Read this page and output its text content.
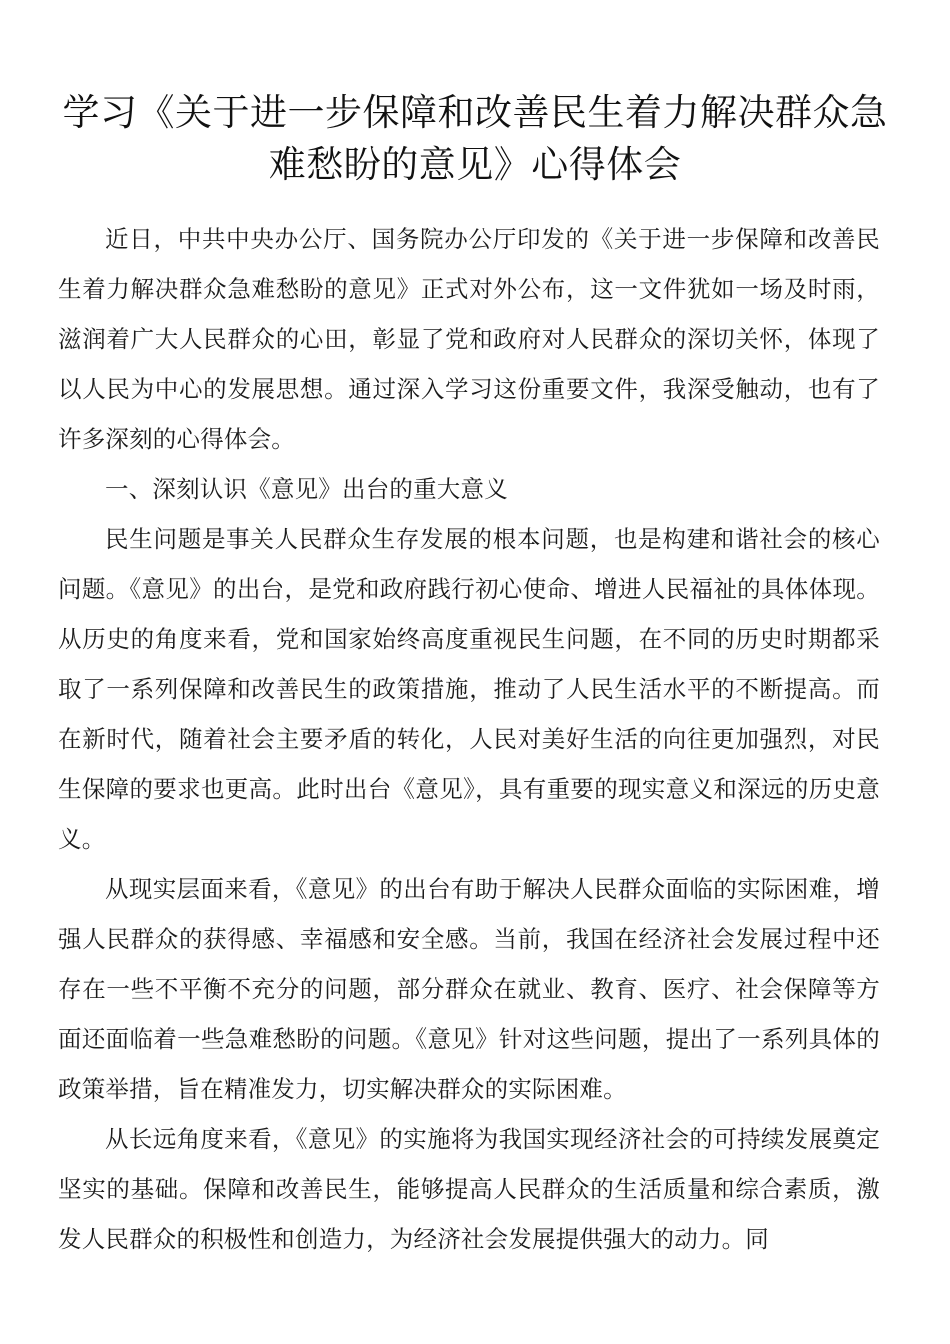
学习《关于进一步保障和改善民生着力解决群众急难愁盼的意见》心得体会

近日，中共中央办公厅、国务院办公厅印发的《关于进一步保障和改善民生着力解决群众急难愁盼的意见》正式对外公布，这一文件犹如一场及时雨，滋润着广大人民群众的心田，彰显了党和政府对人民群众的深切关怀，体现了以人民为中心的发展思想。通过深入学习这份重要文件，我深受触动，也有了许多深刻的心得体会。

一、深刻认识《意见》出台的重大意义

民生问题是事关人民群众生存发展的根本问题，也是构建和谐社会的核心问题。《意见》的出台，是党和政府践行初心使命、增进人民福祉的具体体现。从历史的角度来看，党和国家始终高度重视民生问题，在不同的历史时期都采取了一系列保障和改善民生的政策措施，推动了人民生活水平的不断提高。而在新时代，随着社会主要矛盾的转化，人民对美好生活的向往更加强烈，对民生保障的要求也更高。此时出台《意见》，具有重要的现实意义和深远的历史意义。

从现实层面来看，《意见》的出台有助于解决人民群众面临的实际困难，增强人民群众的获得感、幸福感和安全感。当前，我国在经济社会发展过程中还存在一些不平衡不充分的问题，部分群众在就业、教育、医疗、社会保障等方面还面临着一些急难愁盼的问题。《意见》针对这些问题，提出了一系列具体的政策举措，旨在精准发力，切实解决群众的实际困难。

从长远角度来看，《意见》的实施将为我国实现经济社会的可持续发展奠定坚实的基础。保障和改善民生，能够提高人民群众的生活质量和综合素质，激发人民群众的积极性和创造力，为经济社会发展提供强大的动力。同
